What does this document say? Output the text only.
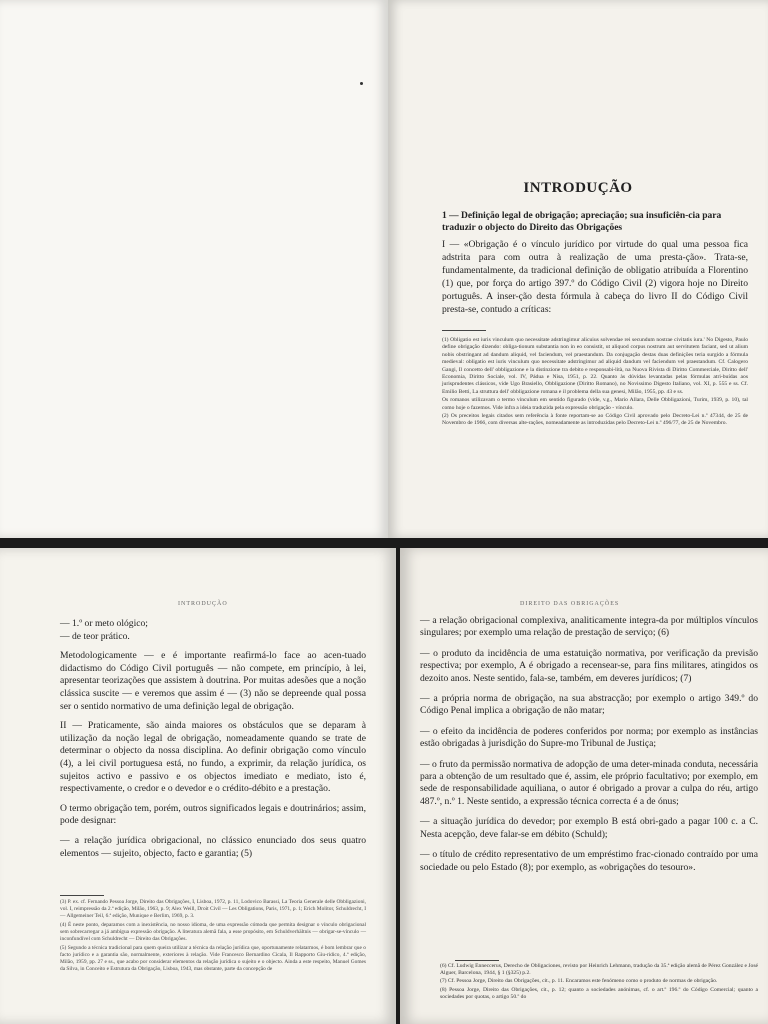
INTRODUÇÃO
1 — Definição legal de obrigação; apreciação; sua insuficiên-cia para traduzir o objecto do Direito das Obrigações
I — «Obrigação é o vínculo jurídico por virtude do qual uma pessoa fica adstrita para com outra à realização de uma presta-ção». Trata-se, fundamentalmente, da tradicional definição de obligatio atribuída a Florentino (1) que, por força do artigo 397.º do Código Civil (2) vigora hoje no Direito português. A inser-ção desta fórmula à cabeça do livro II do Código Civil presta-se, contudo a críticas:

(1) Obligatio est iuris vinculum quo necessitate adstringimur alicuius solvendae rei secundum nostrae civitatis iura.' No Digesto, Paulo define obrigação dizendo: obliga-tionum substantia non in eo consistit, ut aliquod corpus nostrum aut servitutem faciant, sed ut alium nobis obstringant ad dandum aliquid, vel faciendum, vel praestandum. Da conjugação destas duas definições teria surgido a fórmula medieval: obligatio est iuris vinculum quo necessitate adstringimur ad aliquid dandum vel faciendum vel praestandum. Cf. Calogero Gangi, Il concetto dell' obbligazione e la distinzione tra debito e responsabi-lità, na Nuova Rivista di Diritto Commerciale, Diritto dell' Economia, Diritto Sociale, vol. IV, Pádua e Nisa, 1951, p. 22. Quanto às dúvidas levantadas pelas fórmulas atri-buídas aos jurisprudentes clássicos, vide Ugo Brasiello, Obbligazione (Diritto Romano), no Novissimo Digesto Italiano, vol. XI, p. 555 e ss. Cf. Emilio Betti, La struttura dell' obbligazione romana e il problema della sua genesi, Milão, 1955, pp. 43 e ss.

Os romanos utilizavam o termo vinculum em sentido figurado (vide, v.g., Mario Allara, Delle Obbligazioni, Turim, 1939, p. 10), tal como hoje o fazemos. Vide infra a ideia traduzida pela expressão obrigação - vínculo.

(2) Os preceitos legais citados sem referência à fonte reportam-se ao Código Civil aprovado pelo Decreto-Lei n.º 47344, de 25 de Novembro de 1966, com diversas alte-rações, nomeadamente as introduzidas pelo Decreto-Lei n.º 496/77, de 25 de Novembro.

INTRODUÇÃO

— 1.º or meto ológico;
— de teor prático.

Metodologicamente — e é importante reafirmá-lo face ao acen-tuado didactismo do Código Civil português — não compete, em princípio, à lei, apresentar teorizações que assistem à doutrina. Por muitas adesões que a noção clássica suscite — e veremos que assim é — (3) não se depreende qual possa ser o sentido normativo de uma definição legal de obrigação.

II — Praticamente, são ainda maiores os obstáculos que se deparam à utilização da noção legal de obrigação, nomeadamente quando se trate de determinar o objecto da nossa disciplina. Ao definir obrigação como vínculo (4), a lei civil portuguesa está, no fundo, a exprimir, da relação jurídica, os sujeitos activo e passivo e os objectos imediato e mediato, isto é, respectivamente, o credor e o devedor e o crédito-débito e a prestação.

O termo obrigação tem, porém, outros significados legais e doutrinários; assim, pode designar:

— a relação jurídica obrigacional, no clássico enunciado dos seus quatro elementos — sujeito, objecto, facto e garantia; (5)

(3) P. ex. cf. Fernando Pessoa Jorge, Direito das Obrigações, I, Lisboa, 1972, p. 11, Lodovico Barassi, La Teoria Generale delle Obbligazioni, vol. I, reimpressão da 2.ª edição, Milão, 1963, p. 9; Alex Weill, Droit Civil — Les Obligations, Paris, 1971, p. 1; Erich Molitor, Schuldrecht, I — Allgemeiner Teil, 6.ª edição, Munique e Berlim, 1969, p. 3.

(4) É neste ponto, deparamos com a inexistência, no nosso idioma, de uma expressão cómoda que permita designar o vínculo obrigacional sem sobrecarregar a já ambígua expressão obrigação. A literatura alemã fala, a esse propósito, em Schuldverhältnis — obrigar-se-vínculo — inconfundível com Schuldrecht — Direito das Obrigações.

(5) Segundo a técnica tradicional para quem queira utilizar a técnica da relação jurídica que, oportunamente relatarmos, é bom lembrar que o facto jurídico e a garantia são, normalmente, exteriores à relação. Vide Francesco Bernardino Cicala, Il Rapporto Giu-ridico, 4.ª edição, Milão, 1959, pp. 27 e ss., que acabo por considerar elementos da relação jurídica o sujeito e o objecto. Ainda a este respeito, Manuel Gomes da Silva, in Conceito e Estrutura da Obrigação, Lisboa, 1943, mas obstante, parte da concepção de

DIREITO DAS OBRIGAÇÕES

— a relação obrigacional complexiva, analiticamente integra-da por múltiplos vínculos singulares; por exemplo uma relação de prestação de serviço; (6)

— o produto da incidência de uma estatuição normativa, por verificação da previsão respectiva; por exemplo, A é obrigado a recensear-se, para fins militares, atingidos os dezoito anos. Neste sentido, fala-se, também, em deveres jurídicos; (7)

— a própria norma de obrigação, na sua abstracção; por exemplo o artigo 349.º do Código Penal implica a obrigação de não matar;

— o efeito da incidência de poderes conferidos por norma; por exemplo as instâncias estão obrigadas à jurisdição do Supre-mo Tribunal de Justiça;

— o fruto da permissão normativa de adopção de uma deter-minada conduta, necessária para a obtenção de um resultado que é, assim, ele próprio facultativo; por exemplo, em sede de responsabilidade aquiliana, o autor é obrigado a provar a culpa do réu, artigo 487.º, n.º 1. Neste sentido, a expressão técnica correcta é a de ónus;

— a situação jurídica do devedor; por exemplo B está obri-gado a pagar 100 c. a C. Nesta acepção, deve falar-se em débito (Schuld);

— o título de crédito representativo de um empréstimo frac-cionado contraído por uma sociedade ou pelo Estado (8); por exemplo, as «obrigações do tesouro».

(6) Cf. Ludwig Enneccerus, Derecho de Obligaciones, revisto por Heinrich Lehmann, tradução da 35.ª edição alemã de Pérez González e José Alguer, Barcelona, 1944, § 1 (§325) p.2.

(7) Cf. Pessoa Jorge, Direito das Obrigações, cit., p. 11. Encaramos este fenómeno como o produto de normas de obrigação.

(8) Pessoa Jorge, Direito das Obrigações, cit., p. 12; quanto a sociedades anónimas, cf. o art.º 196.º do Código Comercial; quanto a sociedades por quotas, o artigo 50.º do
